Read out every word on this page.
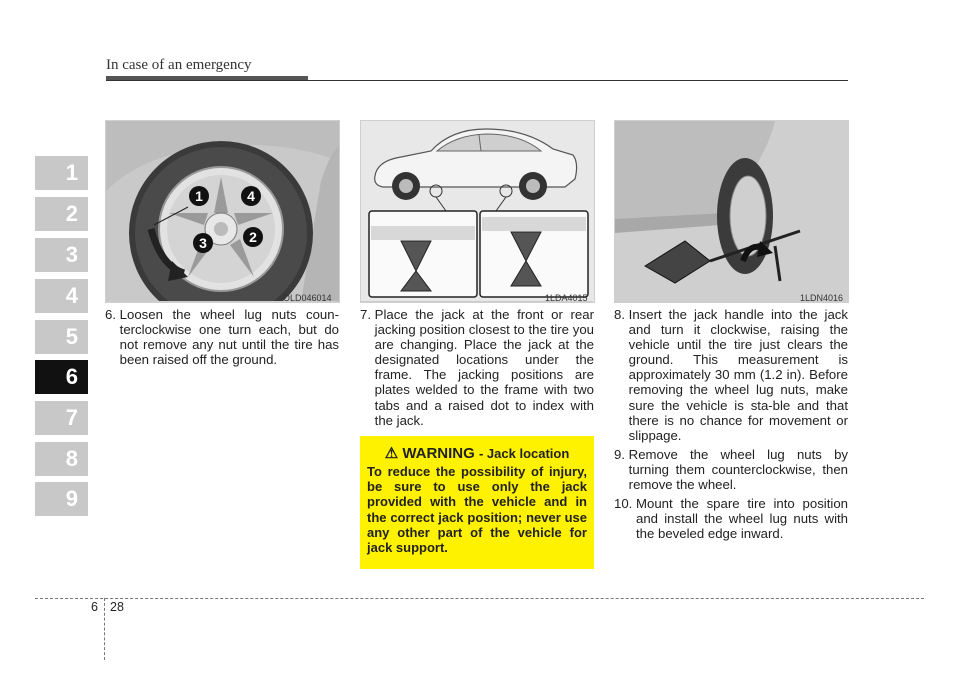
In case of an emergency
1
2
3
4
5
6
7
8
9
1	4
3	2
OLD046014	1LDA4015	1LDN4016
6. Loosen the wheel lug nuts coun-terclockwise one turn each, but do not remove any nut until the tire has been raised off the ground.
7. Place the jack at the front or rear jacking position closest to the tire you are changing. Place the jack at the designated locations under the frame. The jacking positions are plates welded to the frame with two tabs and a raised dot to index with the jack.
⚠ WARNING - Jack location
To reduce the possibility of injury, be sure to use only the jack provided with the vehicle and in the correct jack position; never use any other part of the vehicle for jack support.
8. Insert the jack handle into the jack and turn it clockwise, raising the vehicle until the tire just clears the ground. This measurement is approximately 30 mm (1.2 in). Before removing the wheel lug nuts, make sure the vehicle is sta-ble and that there is no chance for movement or slippage.
9. Remove the wheel lug nuts by turning them counterclockwise, then remove the wheel.
10. Mount the spare tire into position and install the wheel lug nuts with the beveled edge inward.
6 28
